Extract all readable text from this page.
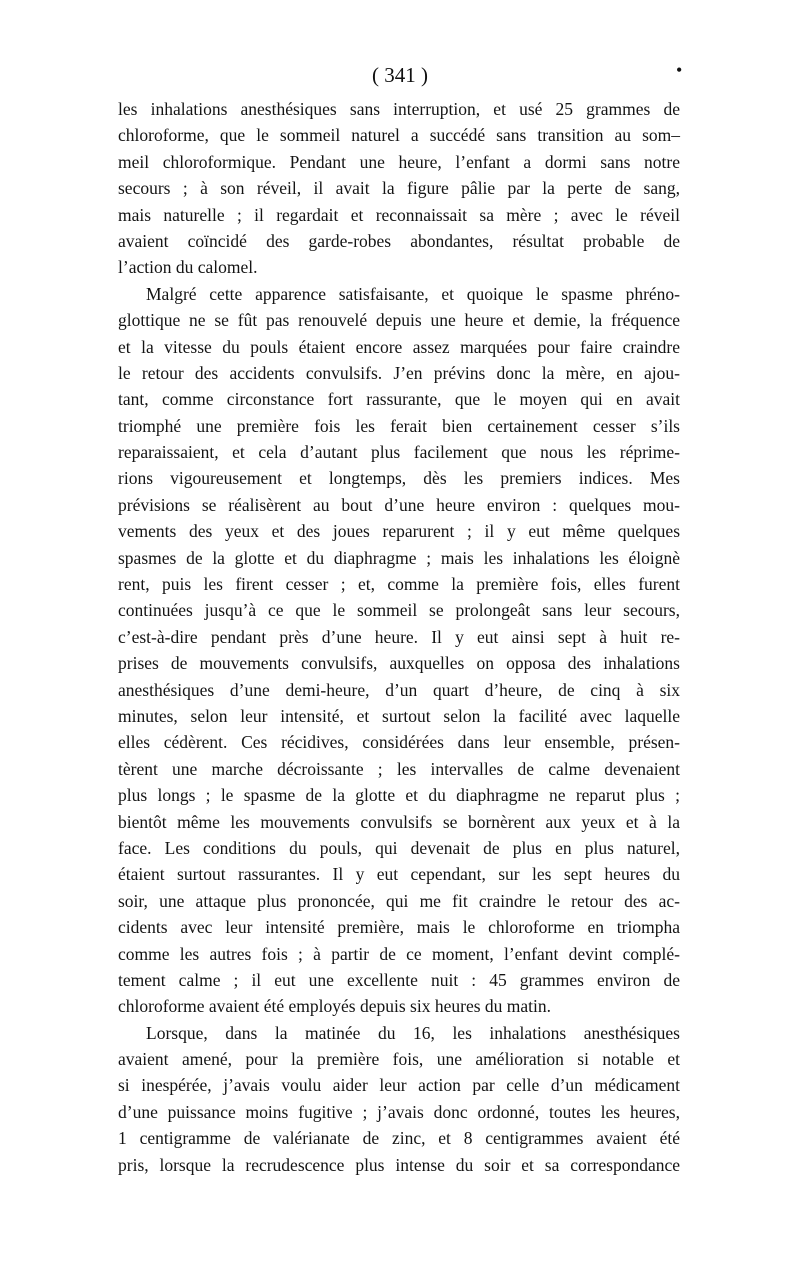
( 341 )	•
les inhalations anesthésiques sans interruption, et usé 25 grammes de
chloroforme, que le sommeil naturel a succédé sans transition au som–
meil chloroformique. Pendant une heure, l’enfant a dormi sans notre
secours ; à son réveil, il avait la figure pâlie par la perte de sang,
mais naturelle ; il regardait et reconnaissait sa mère ; avec le réveil
avaient coïncidé des garde-robes abondantes, résultat probable de
l’action du calomel.
Malgré cette apparence satisfaisante, et quoique le spasme phréno-
glottique ne se fût pas renouvelé depuis une heure et demie, la fréquence
et la vitesse du pouls étaient encore assez marquées pour faire craindre
le retour des accidents convulsifs. J’en prévins donc la mère, en ajou-
tant, comme circonstance fort rassurante, que le moyen qui en avait
triomphé une première fois les ferait bien certainement cesser s’ils
reparaissaient, et cela d’autant plus facilement que nous les réprime-
rions vigoureusement et longtemps, dès les premiers indices. Mes
prévisions se réalisèrent au bout d’une heure environ : quelques mou-
vements des yeux et des joues reparurent ; il y eut même quelques
spasmes de la glotte et du diaphragme ; mais les inhalations les éloignè
rent, puis les firent cesser ; et, comme la première fois, elles furent
continuées jusqu’à ce que le sommeil se prolongeât sans leur secours,
c’est-à-dire pendant près d’une heure. Il y eut ainsi sept à huit re-
prises de mouvements convulsifs, auxquelles on opposa des inhalations
anesthésiques d’une demi-heure, d’un quart d’heure, de cinq à six
minutes, selon leur intensité, et surtout selon la facilité avec laquelle
elles cédèrent. Ces récidives, considérées dans leur ensemble, présen-
tèrent une marche décroissante ; les intervalles de calme devenaient
plus longs ; le spasme de la glotte et du diaphragme ne reparut plus ;
bientôt même les mouvements convulsifs se bornèrent aux yeux et à la
face. Les conditions du pouls, qui devenait de plus en plus naturel,
étaient surtout rassurantes. Il y eut cependant, sur les sept heures du
soir, une attaque plus prononcée, qui me fit craindre le retour des ac-
cidents avec leur intensité première, mais le chloroforme en triompha
comme les autres fois ; à partir de ce moment, l’enfant devint complé-
tement calme ; il eut une excellente nuit : 45 grammes environ de
chloroforme avaient été employés depuis six heures du matin.
Lorsque, dans la matinée du 16, les inhalations anesthésiques
avaient amené, pour la première fois, une amélioration si notable et
si inespérée, j’avais voulu aider leur action par celle d’un médicament
d’une puissance moins fugitive ; j’avais donc ordonné, toutes les heures,
1 centigramme de valérianate de zinc, et 8 centigrammes avaient été
pris, lorsque la recrudescence plus intense du soir et sa correspondance
